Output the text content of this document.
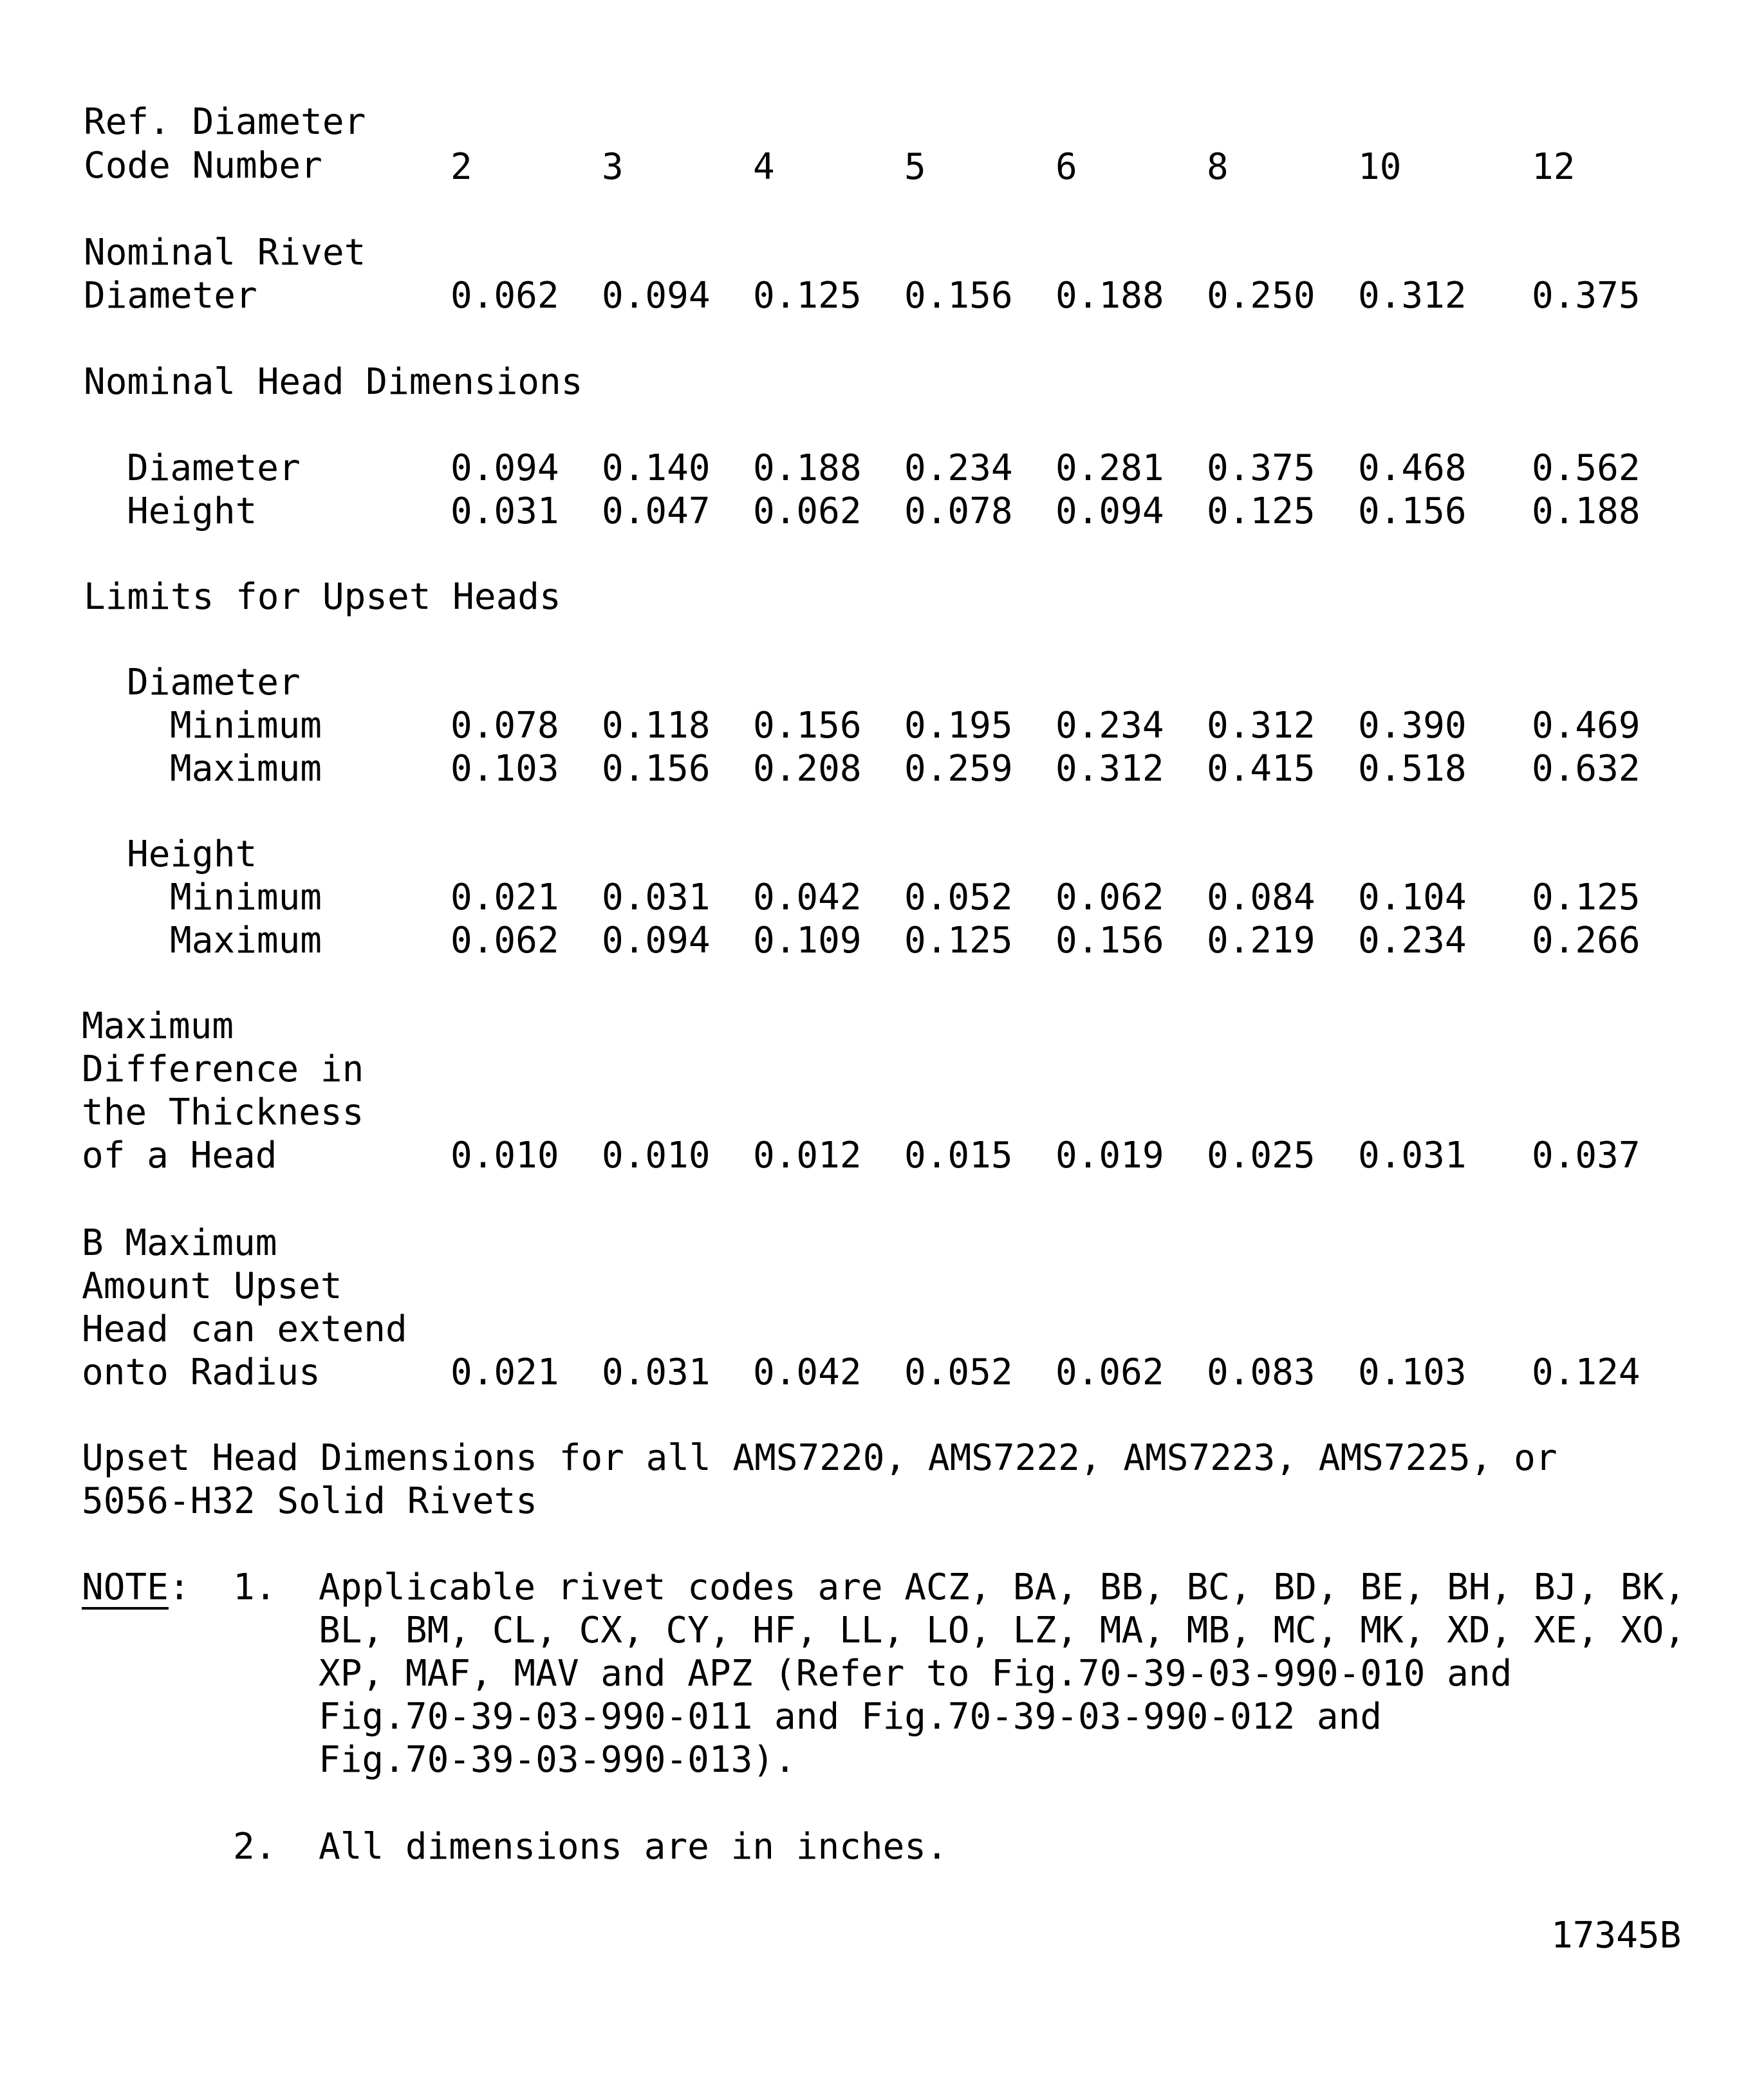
Ref. Diameter
Code Number	2	3	4	5	6	8	10	12
Nominal Rivet
Diameter	0.062 0.094 0.125 0.156 0.188 0.250 0.312 0.375
Nominal Head Dimensions
Diameter	0.094 0.140 0.188 0.234 0.281 0.375 0.468 0.562
Height	0.031 0.047 0.062 0.078 0.094 0.125 0.156 0.188
Limits for Upset Heads
Diameter
Minimum	0.078 0.118 0.156 0.195 0.234 0.312 0.390 0.469
Maximum	0.103 0.156 0.208 0.259 0.312 0.415 0.518 0.632
Height
Minimum	0.021 0.031 0.042 0.052 0.062 0.084 0.104 0.125
Maximum	0.062 0.094 0.109 0.125 0.156 0.219 0.234 0.266
Maximum
Difference in
the Thickness
of a Head	0.010 0.010 0.012 0.015 0.019 0.025 0.031 0.037
B Maximum
Amount Upset
Head can extend
onto Radius	0.021 0.031 0.042 0.052 0.062 0.083 0.103 0.124
Upset Head Dimensions for all AMS7220, AMS7222, AMS7223, AMS7225, or
5056-H32 Solid Rivets
NOTE: 1. Applicable rivet codes are ACZ, BA, BB, BC, BD, BE, BH, BJ, BK,
BL, BM, CL, CX, CY, HF, LL, LO, LZ, MA, MB, MC, MK, XD, XE, XO,
XP, MAF, MAV and APZ (Refer to Fig.70-39-03-990-010 and
Fig.70-39-03-990-011 and Fig.70-39-03-990-012 and
Fig.70-39-03-990-013).
2. All dimensions are in inches.
17345B
